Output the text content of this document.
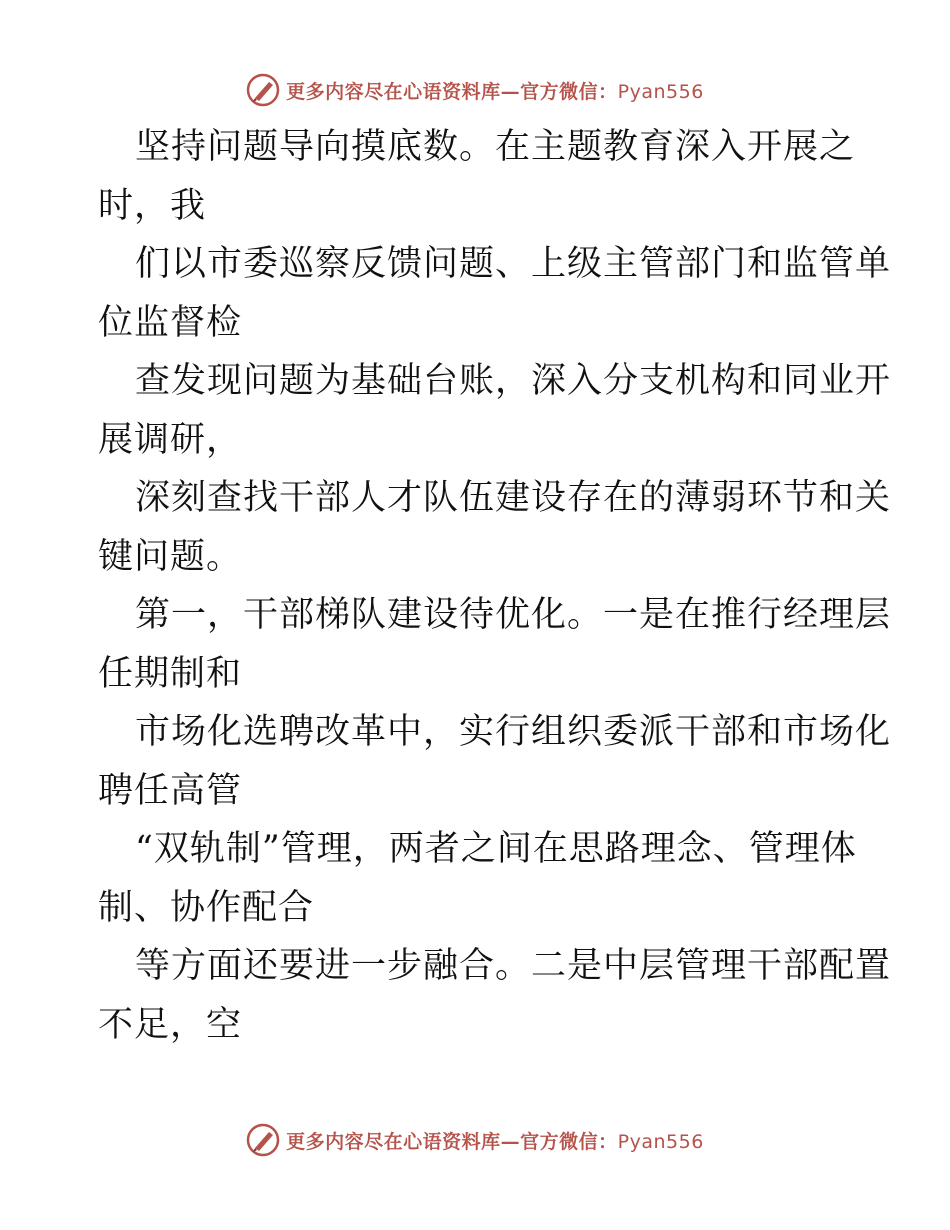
更多内容尽在心语资料库—官方微信：Pyan556
坚持问题导向摸底数。在主题教育深入开展之
时，我
们以市委巡察反馈问题、上级主管部门和监管单
位监督检
查发现问题为基础台账，深入分支机构和同业开
展调研，
深刻查找干部人才队伍建设存在的薄弱环节和关
键问题。
第一，干部梯队建设待优化。一是在推行经理层
任期制和
市场化选聘改革中，实行组织委派干部和市场化
聘任高管
“双轨制”管理，两者之间在思路理念、管理体
制、协作配合
等方面还要进一步融合。二是中层管理干部配置
不足，空
更多内容尽在心语资料库—官方微信：Pyan556
